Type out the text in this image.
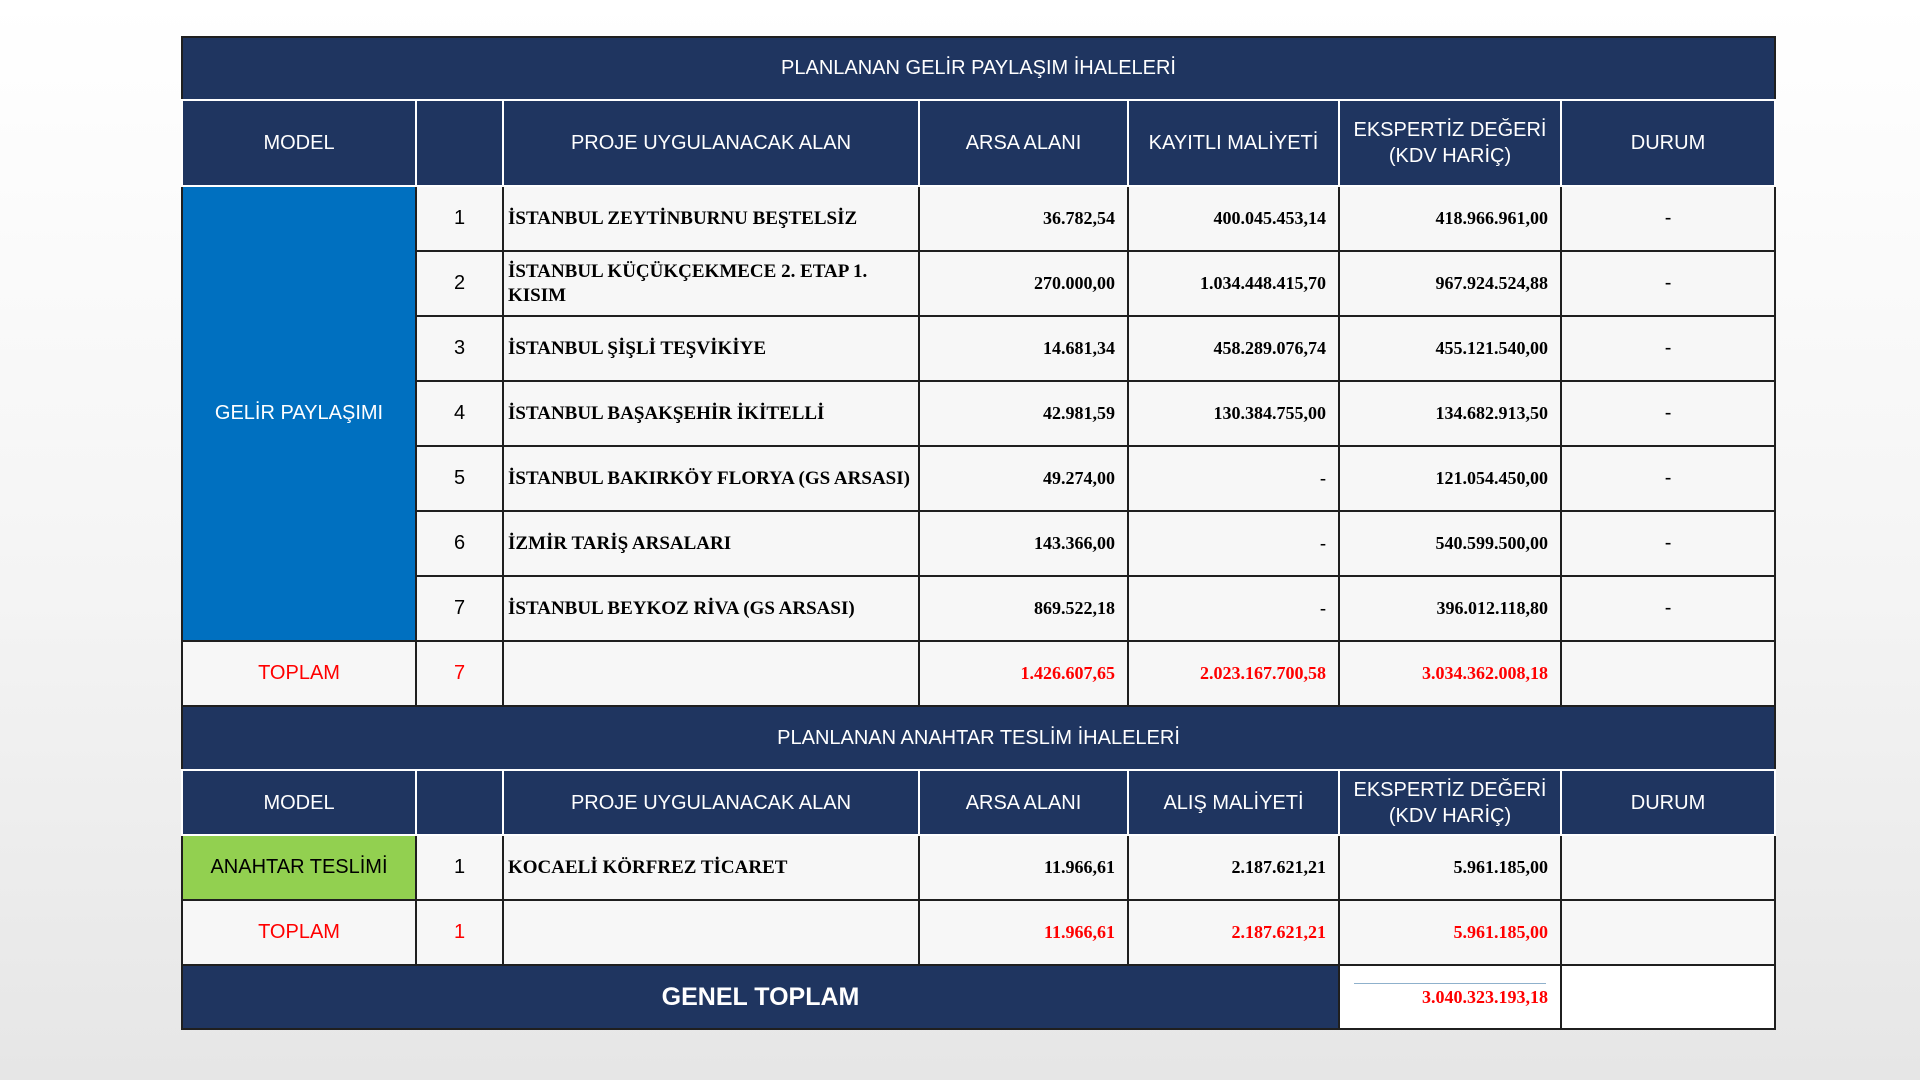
PLANLANAN GELİR PAYLAŞIM İHALELERİ						
MODEL		PROJE UYGULANACAK ALAN	ARSA ALANI	KAYITLI MALİYETİ	EKSPERTİZ DEĞERİ (KDV HARİÇ)	DURUM
GELİR PAYLAŞIMI	1	İSTANBUL ZEYTİNBURNU BEŞTELSİZ	36.782,54	400.045.453,14	418.966.961,00	-
	2	İSTANBUL KÜÇÜKÇEKMECE 2. ETAP 1. KISIM	270.000,00	1.034.448.415,70	967.924.524,88	-
	3	İSTANBUL ŞİŞLİ TEŞVİKİYE	14.681,34	458.289.076,74	455.121.540,00	-
	4	İSTANBUL BAŞAKŞEHİR İKİTELLİ	42.981,59	130.384.755,00	134.682.913,50	-
	5	İSTANBUL BAKIRKÖY FLORYA (GS ARSASI)	49.274,00	-	121.054.450,00	-
	6	İZMİR TARİŞ ARSALARI	143.366,00	-	540.599.500,00	-
	7	İSTANBUL BEYKOZ RİVA (GS ARSASI)	869.522,18	-	396.012.118,80	-
TOPLAM	7		1.426.607,65	2.023.167.700,58	3.034.362.008,18	
PLANLANAN ANAHTAR TESLİM İHALELERİ						
MODEL		PROJE UYGULANACAK ALAN	ARSA ALANI	ALIŞ MALİYETİ	EKSPERTİZ DEĞERİ (KDV HARİÇ)	DURUM
ANAHTAR TESLİMİ	1	KOCAELİ KÖRFREZ TİCARET	11.966,61	2.187.621,21	5.961.185,00	
TOPLAM	1		11.966,61	2.187.621,21	5.961.185,00	
GENEL TOPLAM					3.040.323.193,18	
